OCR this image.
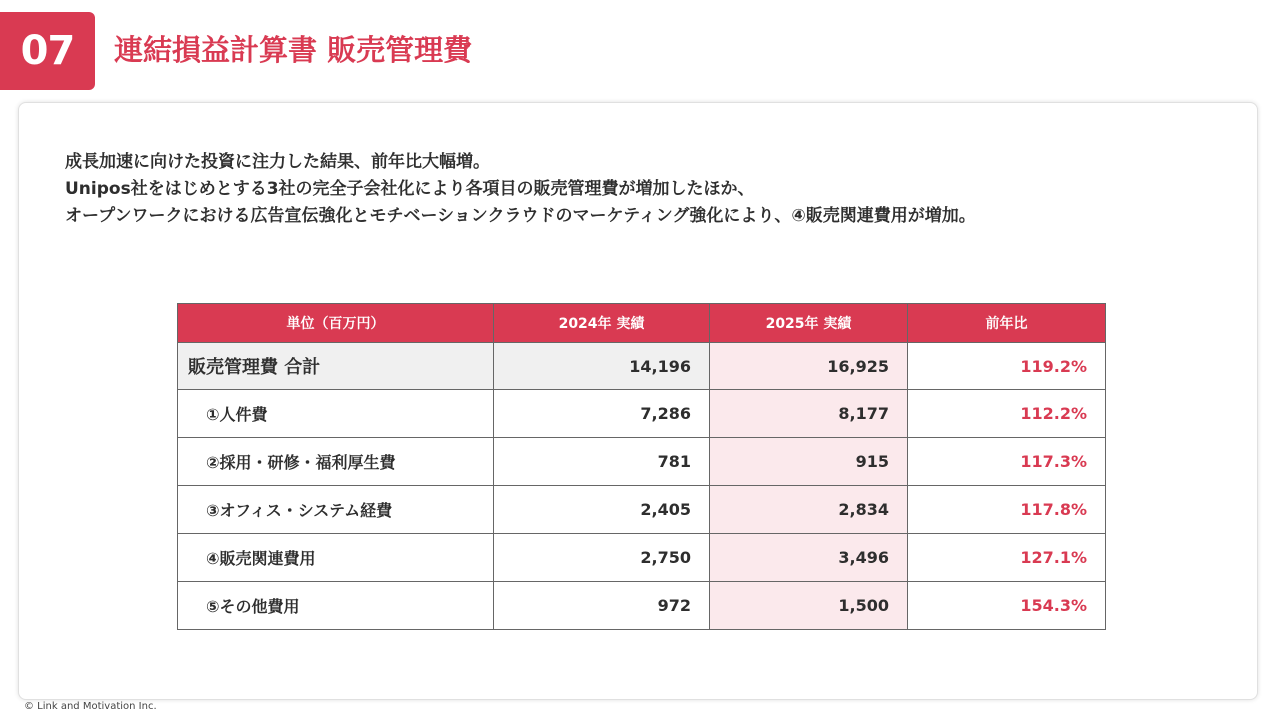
07	連結損益計算書 販売管理費
成長加速に向けた投資に注力した結果、前年比大幅増。
Unipos社をはじめとする3社の完全子会社化により各項目の販売管理費が増加したほか、
オープンワークにおける広告宣伝強化とモチベーションクラウドのマーケティング強化により、④販売関連費用が増加。
単位（百万円）	2024年 実績	2025年 実績	前年比
販売管理費 合計	14,196	16,925	119.2%
①人件費	7,286	8,177	112.2%
②採用・研修・福利厚生費	781	915	117.3%
③オフィス・システム経費	2,405	2,834	117.8%
④販売関連費用	2,750	3,496	127.1%
⑤その他費用	972	1,500	154.3%
© Link and Motivation Inc.
